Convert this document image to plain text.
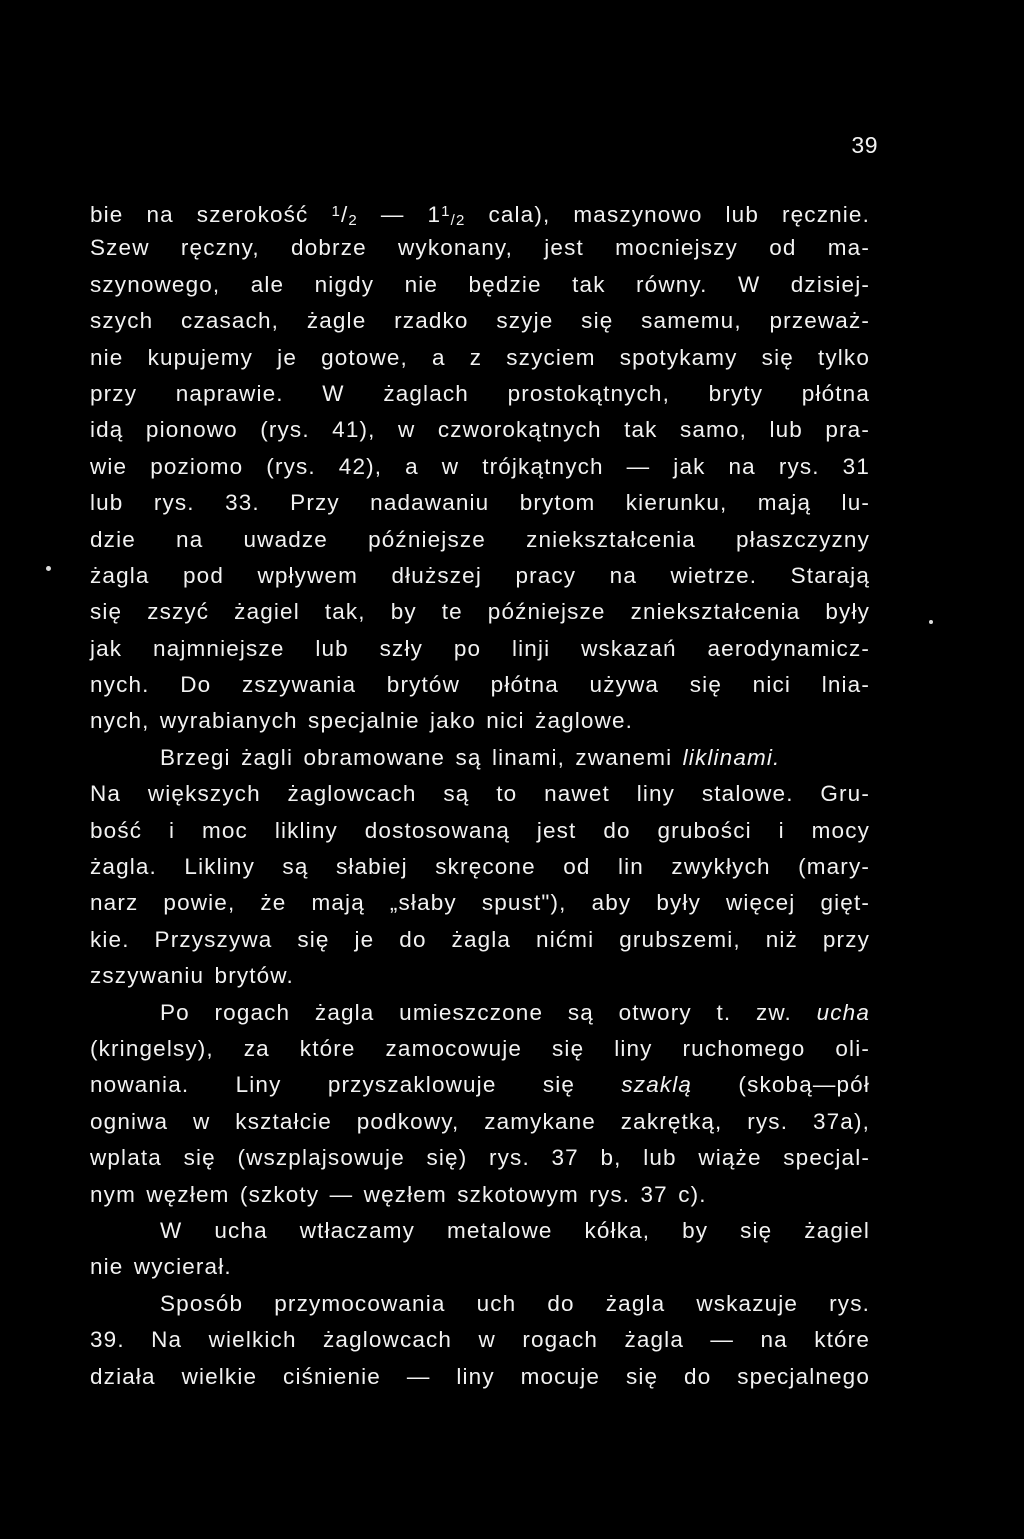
39
bie na szerokość $^1$/2 — $1^1/2$ cala), maszynowo lub ręcznie.
Szew ręczny, dobrze wykonany, jest mocniejszy od ma-
szynowego, ale nigdy nie będzie tak równy. W dzisiej-
szych czasach, żagle rzadko szyje się samemu, przeważ-
nie kupujemy je gotowe, a z szyciem spotykamy się tylko
przy naprawie. W żaglach prostokątnych, bryty płótna
idą pionowo (rys. 41), w czworokątnych tak samo, lub pra-
wie poziomo (rys. 42), a w trójkątnych — jak na rys. 31
lub rys. 33. Przy nadawaniu brytom kierunku, mają lu-
dzie na uwadze późniejsze zniekształcenia płaszczyzny
żagla pod wpływem dłuższej pracy na wietrze. Starają
się zszyć żagiel tak, by te późniejsze zniekształcenia były
jak najmniejsze lub szły po linji wskazań aerodynamicz-
nych. Do zszywania brytów płótna używa się nici lnia-
nych, wyrabianych specjalnie jako nici żaglowe.
Brzegi żagli obramowane są linami, zwanemi liklinami.
Na większych żaglowcach są to nawet liny stalowe. Gru-
bość i moc likliny dostosowaną jest do grubości i mocy
żagla. Likliny są słabiej skręcone od lin zwykłych (mary-
narz powie, że mają „słaby spust"), aby były więcej gięt-
kie. Przyszywa się je do żagla nićmi grubszemi, niż przy
zszywaniu brytów.
Po rogach żagla umieszczone są otwory t. zw. ucha
(kringelsy), za które zamocowuje się liny ruchomego oli-
nowania. Liny przyszaklowuje się szaklą (skobą—pół
ogniwa w kształcie podkowy, zamykane zakrętką, rys. 37a),
wplata się (wszplajsowuje się) rys. 37 b, lub wiąże specjal-
nym węzłem (szkoty — węzłem szkotowym rys. 37 c).
W ucha wtłaczamy metalowe kółka, by się żagiel
nie wycierał.
Sposób przymocowania uch do żagla wskazuje rys.
39. Na wielkich żaglowcach w rogach żagla — na które
działa wielkie ciśnienie — liny mocuje się do specjalnego
